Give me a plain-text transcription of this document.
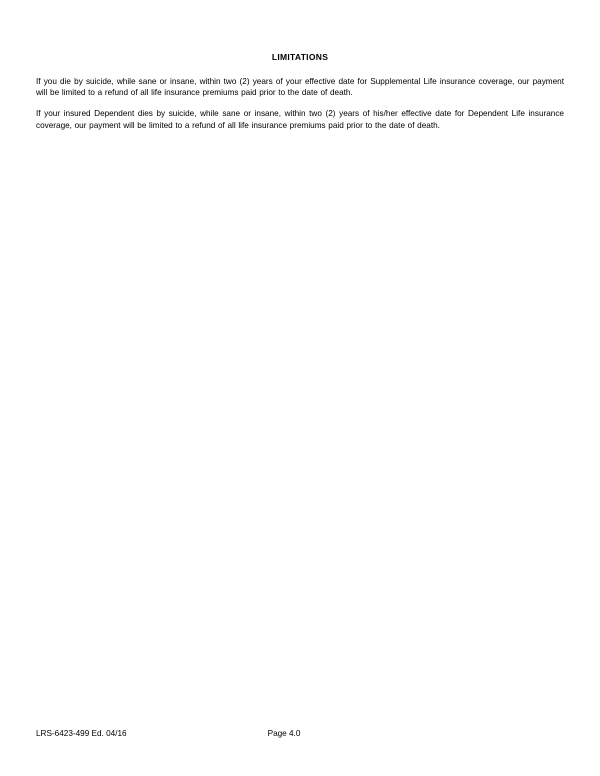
LIMITATIONS

If you die by suicide, while sane or insane, within two (2) years of your effective date for Supplemental Life insurance coverage, our payment will be limited to a refund of all life insurance premiums paid prior to the date of death.

If your insured Dependent dies by suicide, while sane or insane, within two (2) years of his/her effective date for Dependent Life insurance coverage, our payment will be limited to a refund of all life insurance premiums paid prior to the date of death.

LRS-6423-499 Ed. 04/16	Page 4.0
